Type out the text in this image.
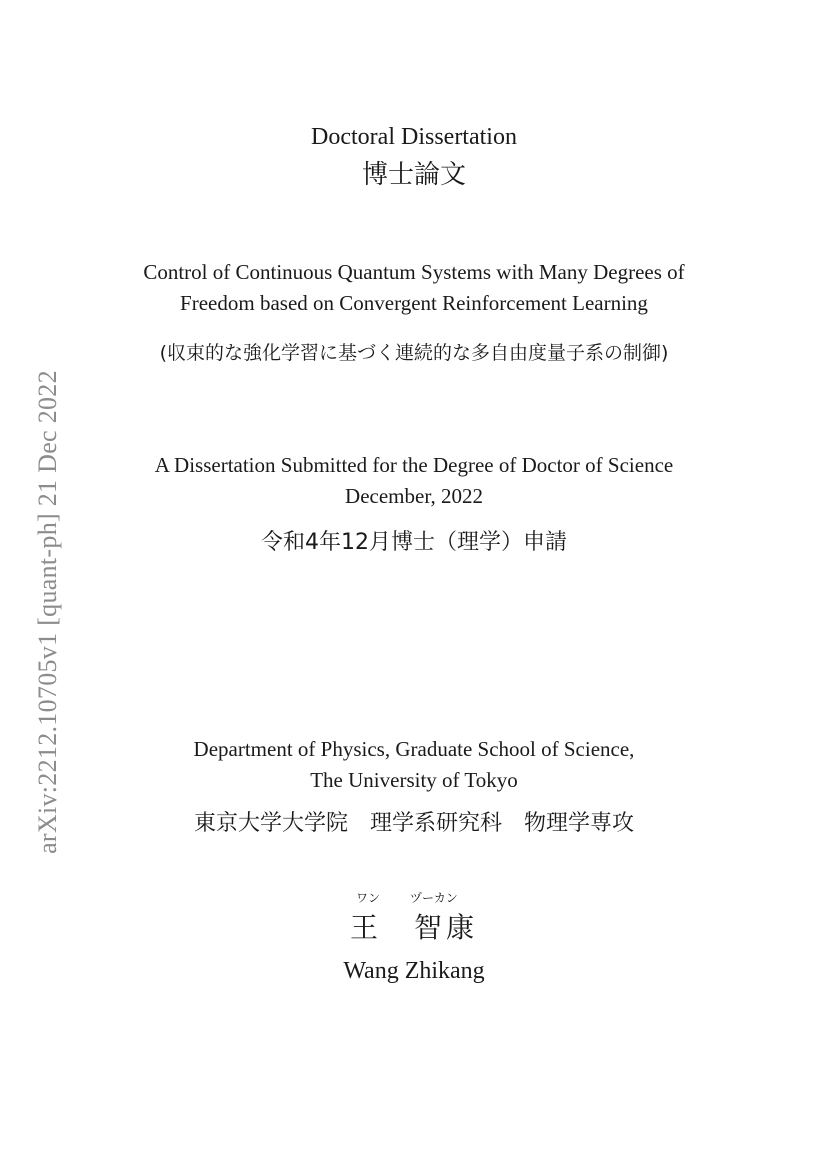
arXiv:2212.10705v1 [quant-ph] 21 Dec 2022
Doctoral Dissertation
博士論文
Control of Continuous Quantum Systems with Many Degrees of
Freedom based on Convergent Reinforcement Learning
(収束的な強化学習に基づく連続的な多自由度量子系の制御)
A Dissertation Submitted for the Degree of Doctor of Science
December, 2022
令和4年12月博士（理学）申請
Department of Physics, Graduate School of Science,
The University of Tokyo
東京大学大学院　理学系研究科　物理学専攻
ワン ヅーカン
王　智康
Wang Zhikang
